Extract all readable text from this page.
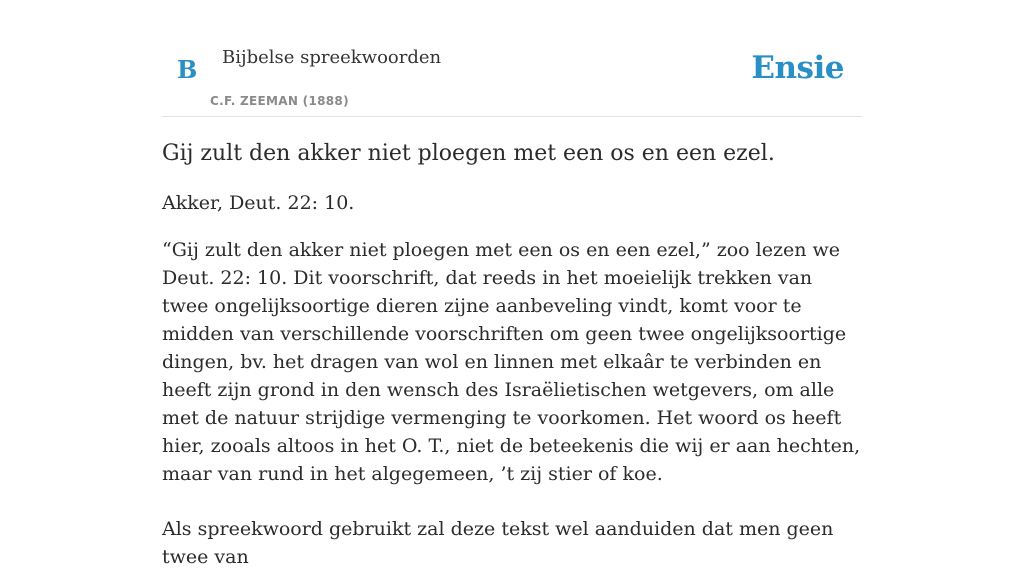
B Bijbelse spreekwoorden
C.F. ZEEMAN (1888)
Ensie
Gij zult den akker niet ploegen met een os en een ezel.

Akker, Deut. 22: 10.

“Gij zult den akker niet ploegen met een os en een ezel,” zoo lezen we Deut. 22: 10. Dit voorschrift, dat reeds in het moeielijk trekken van twee ongelijksoortige dieren zijne aanbeveling vindt, komt voor te midden van verschillende voorschriften om geen twee ongelijksoortige dingen, bv. het dragen van wol en linnen met elkaâr te verbinden en heeft zijn grond in den wensch des Israëlietischen wetgevers, om alle met de natuur strijdige vermenging te voorkomen. Het woord os heeft hier, zooals altoos in het O. T., niet de beteekenis die wij er aan hechten, maar van rund in het algegemeen, ’t zij stier of koe.

Als spreekwoord gebruikt zal deze tekst wel aanduiden dat men geen twee van
